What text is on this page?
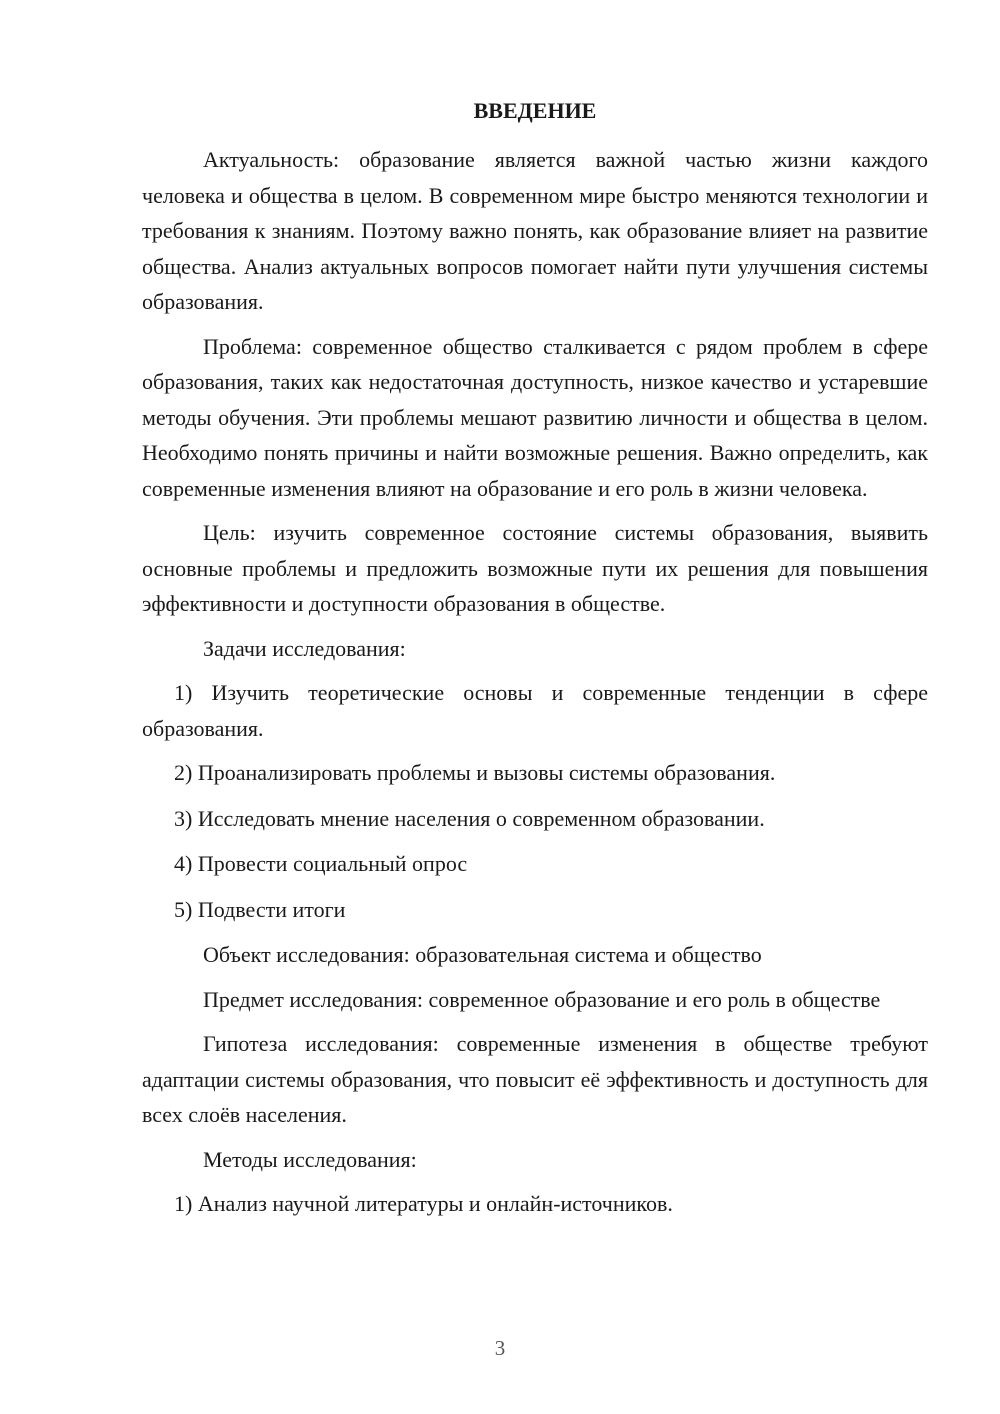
ВВЕДЕНИЕ

Актуальность: образование является важной частью жизни каждого человека и общества в целом. В современном мире быстро меняются технологии и требования к знаниям. Поэтому важно понять, как образование влияет на развитие общества. Анализ актуальных вопросов помогает найти пути улучшения системы образования.

Проблема: современное общество сталкивается с рядом проблем в сфере образования, таких как недостаточная доступность, низкое качество и устаревшие методы обучения. Эти проблемы мешают развитию личности и общества в целом. Необходимо понять причины и найти возможные решения. Важно определить, как современные изменения влияют на образование и его роль в жизни человека.

Цель: изучить современное состояние системы образования, выявить основные проблемы и предложить возможные пути их решения для повышения эффективности и доступности образования в обществе.

Задачи исследования:

1) Изучить теоретические основы и современные тенденции в сфере образования.

2) Проанализировать проблемы и вызовы системы образования.

3) Исследовать мнение населения о современном образовании.

4) Провести социальный опрос

5) Подвести итоги

Объект исследования: образовательная система и общество

Предмет исследования: современное образование и его роль в обществе

Гипотеза исследования: современные изменения в обществе требуют адаптации системы образования, что повысит её эффективность и доступность для всех слоёв населения.

Методы исследования:

1) Анализ научной литературы и онлайн-источников.

3
